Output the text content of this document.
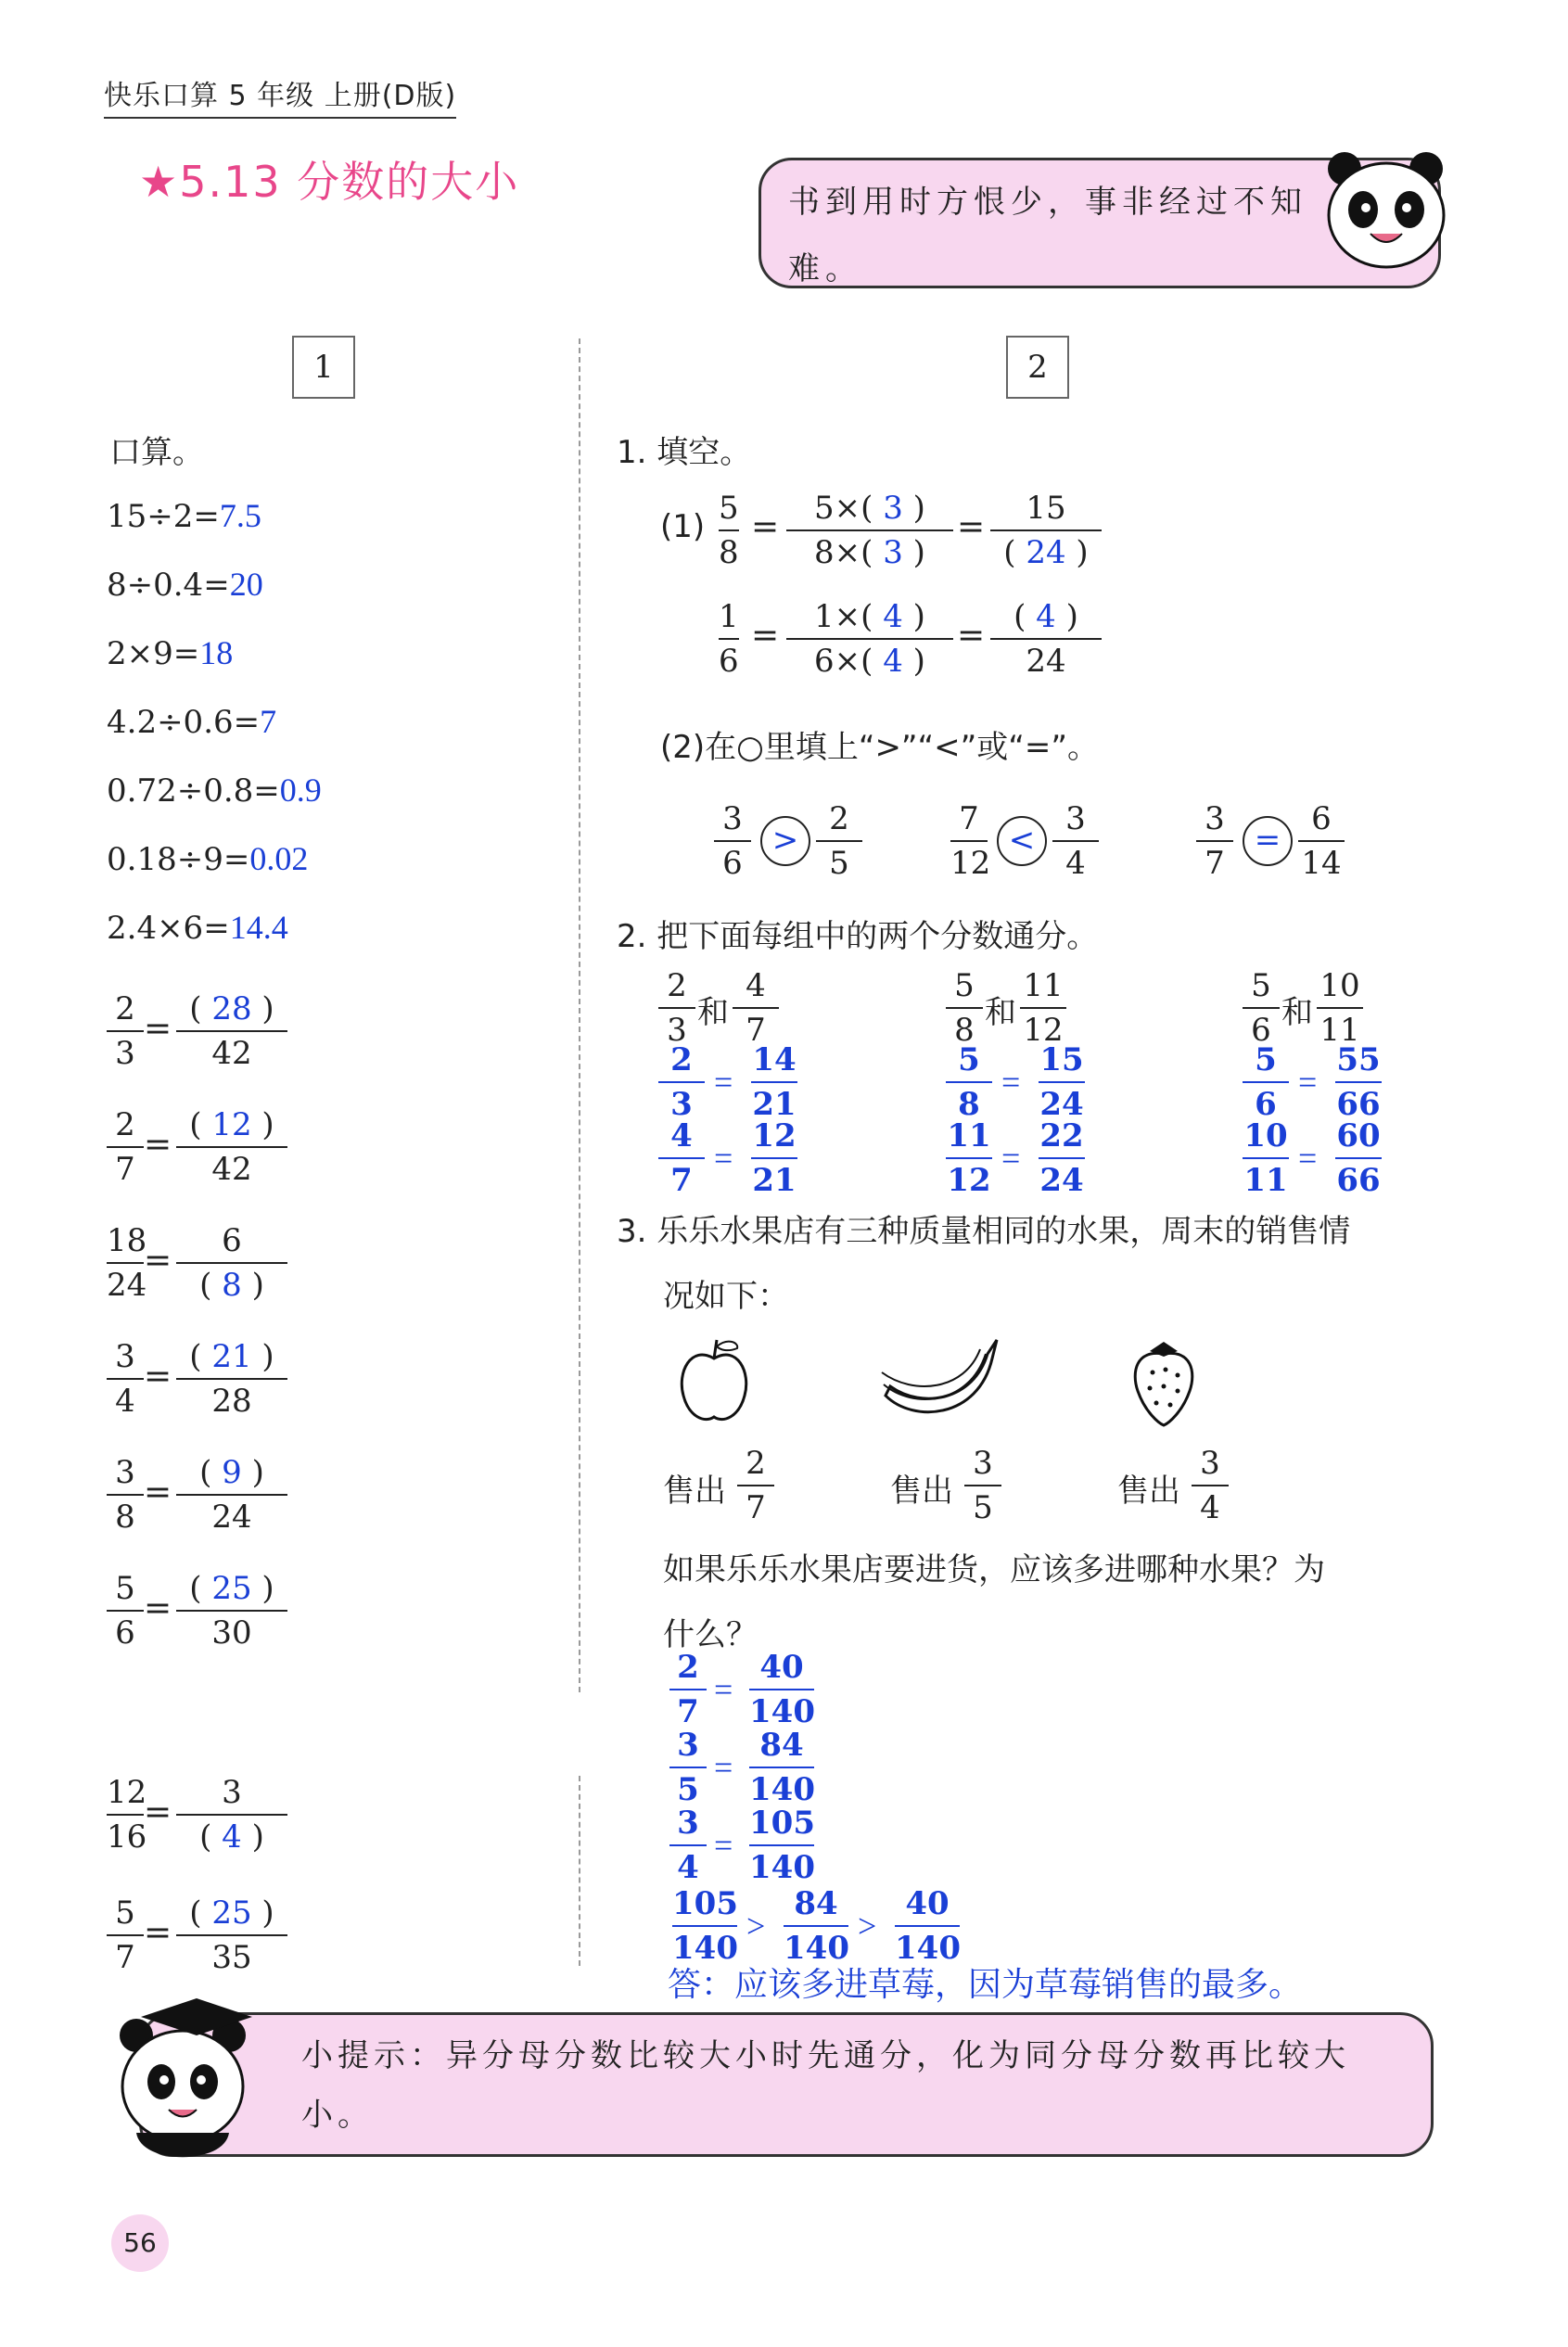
快乐口算 5 年级 上册(D版)
★5.13 分数的大小	书到用时方恨少，事非经过不知难。
1
口算。
2
1. 填空。
(1) 5
8
=	5×( 3 )
8×( 3 )
=	15
( 24 )
1
6
=	1×( 4 )
6×( 4 )
= ( 4 )
24
(2)在○里填上“>”“<”或“=”。
2. 把下面每组中的两个分数通分。
3. 乐乐水果店有三种质量相同的水果，周末的销售情
况如下：
如果乐乐水果店要进货，应该多进哪种水果？为
什么？
答：应该多进草莓，因为草莓销售的最多。
小提示：异分母分数比较大小时先通分，化为同分母分数再比较大小。
56
15÷2=7.5
8÷0.4=20
2×9=18
4.2÷0.6=7
0.72÷0.8=0.9
0.18÷9=0.02
2.4×6=14.4
2
3
=
( 28 )
42
2
7
=
( 12 )
42
18
24
=
6
( 8 )
3
4
=
( 21 )
28
3
8
=
( 9 )
24
5
6
=
( 25 )
30
12
16
=
3
( 4 )
5
7
=
( 25 )
35
3
6
>
2
5
7
12
<
3
4
3
7
=
6
14
2
3 和
4
7
2
3
=
14
21
4
7
=
12
21
5
8 和
11
12
5
8
=
15
24
11
12
=
22
24
5
6 和
10
11
5
6
=
55
66
10
11
=
60
66
售出
2
7	售出
3
5	售出
3
4
2
7
=
40
140
3
5
=
84
140
3
4
=
105
140
105
140
>
84
140
>
40
140
